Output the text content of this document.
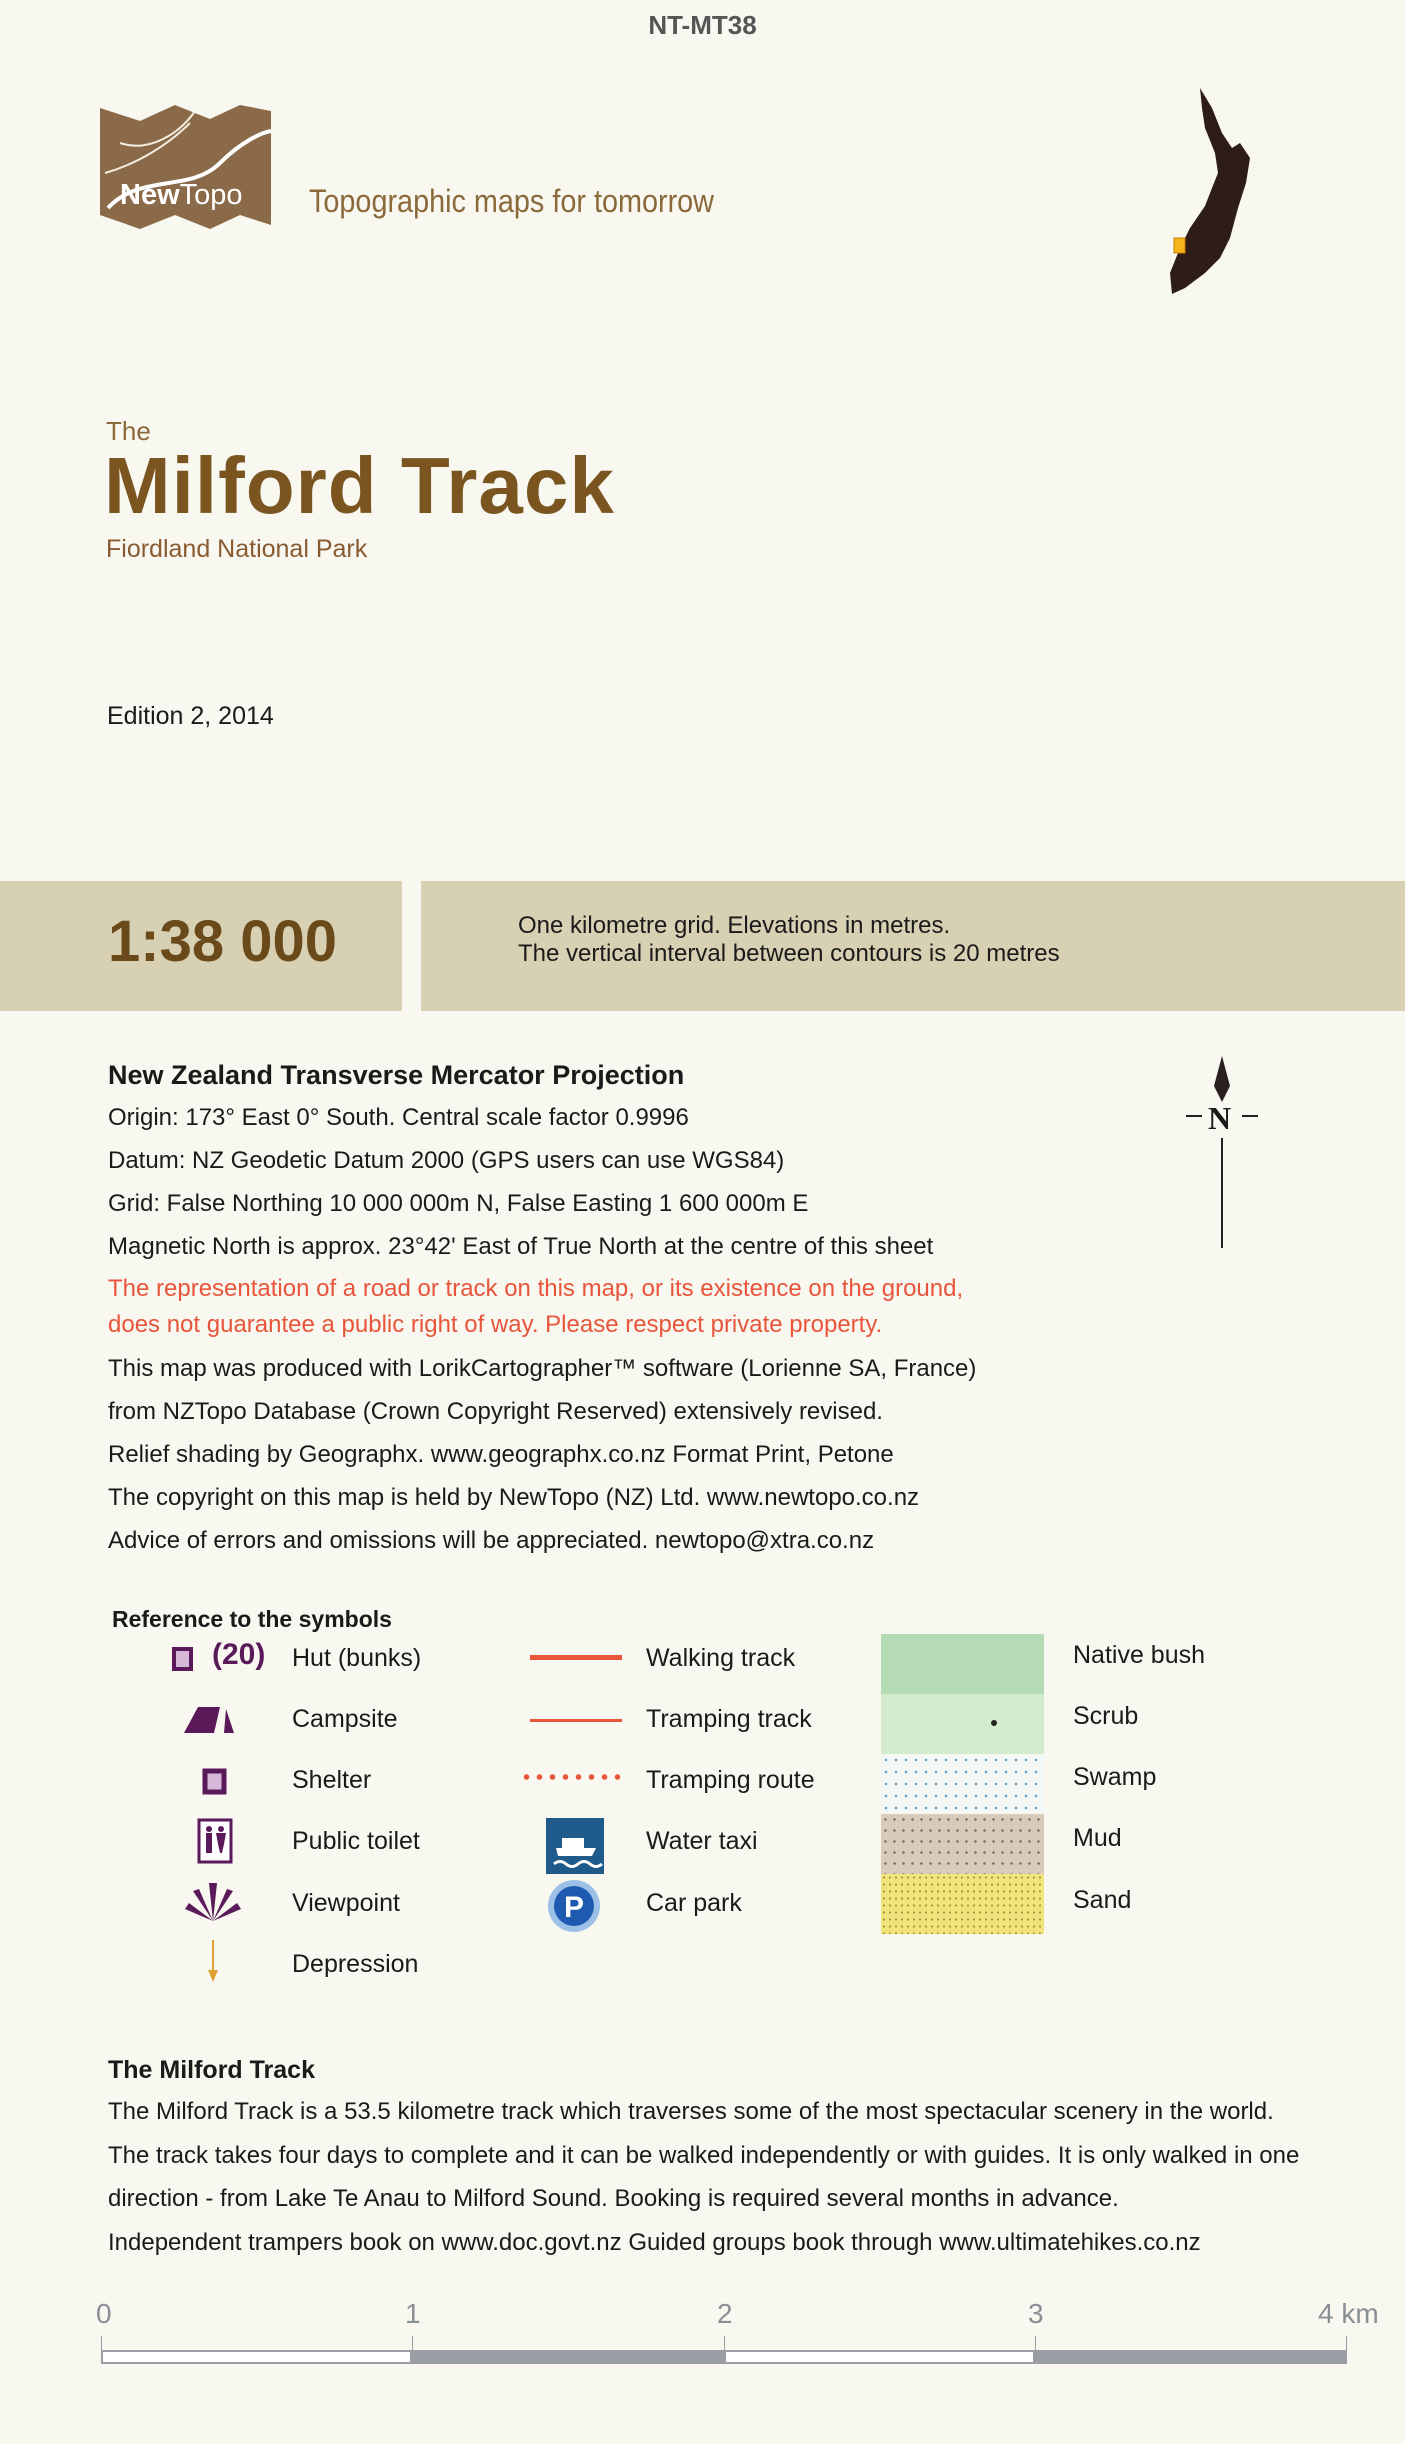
NT-MT38
NewTopo Topographic maps for tomorrow
The
Milford Track
Fiordland National Park
Edition 2, 2014
1:38 000	One kilometre grid. Elevations in metres.
The vertical interval between contours is 20 metres
New Zealand Transverse Mercator Projection
Origin: 173° East 0° South. Central scale factor 0.9996
Datum: NZ Geodetic Datum 2000 (GPS users can use WGS84)
Grid: False Northing 10 000 000m N, False Easting 1 600 000m E
Magnetic North is approx. 23°42' East of True North at the centre of this sheet
The representation of a road or track on this map, or its existence on the ground,
does not guarantee a public right of way. Please respect private property.
This map was produced with LorikCartographer™ software (Lorienne SA, France)
from NZTopo Database (Crown Copyright Reserved) extensively revised.
Relief shading by Geographx. www.geographx.co.nz Format Print, Petone
The copyright on this map is held by NewTopo (NZ) Ltd. www.newtopo.co.nz
Advice of errors and omissions will be appreciated. newtopo@xtra.co.nz
N
Reference to the symbols
(20) Hut (bunks)
Campsite
Shelter
Public toilet
Viewpoint
Depression
P
Walking track
Tramping track
Tramping route
Water taxi
Car park
Native bush
Scrub
Swamp
Mud
Sand
The Milford Track
The Milford Track is a 53.5 kilometre track which traverses some of the most spectacular scenery in the world.
The track takes four days to complete and it can be walked independently or with guides. It is only walked in one
direction - from Lake Te Anau to Milford Sound. Booking is required several months in advance.
Independent trampers book on www.doc.govt.nz Guided groups book through www.ultimatehikes.co.nz
0	1	2	3	4 km
